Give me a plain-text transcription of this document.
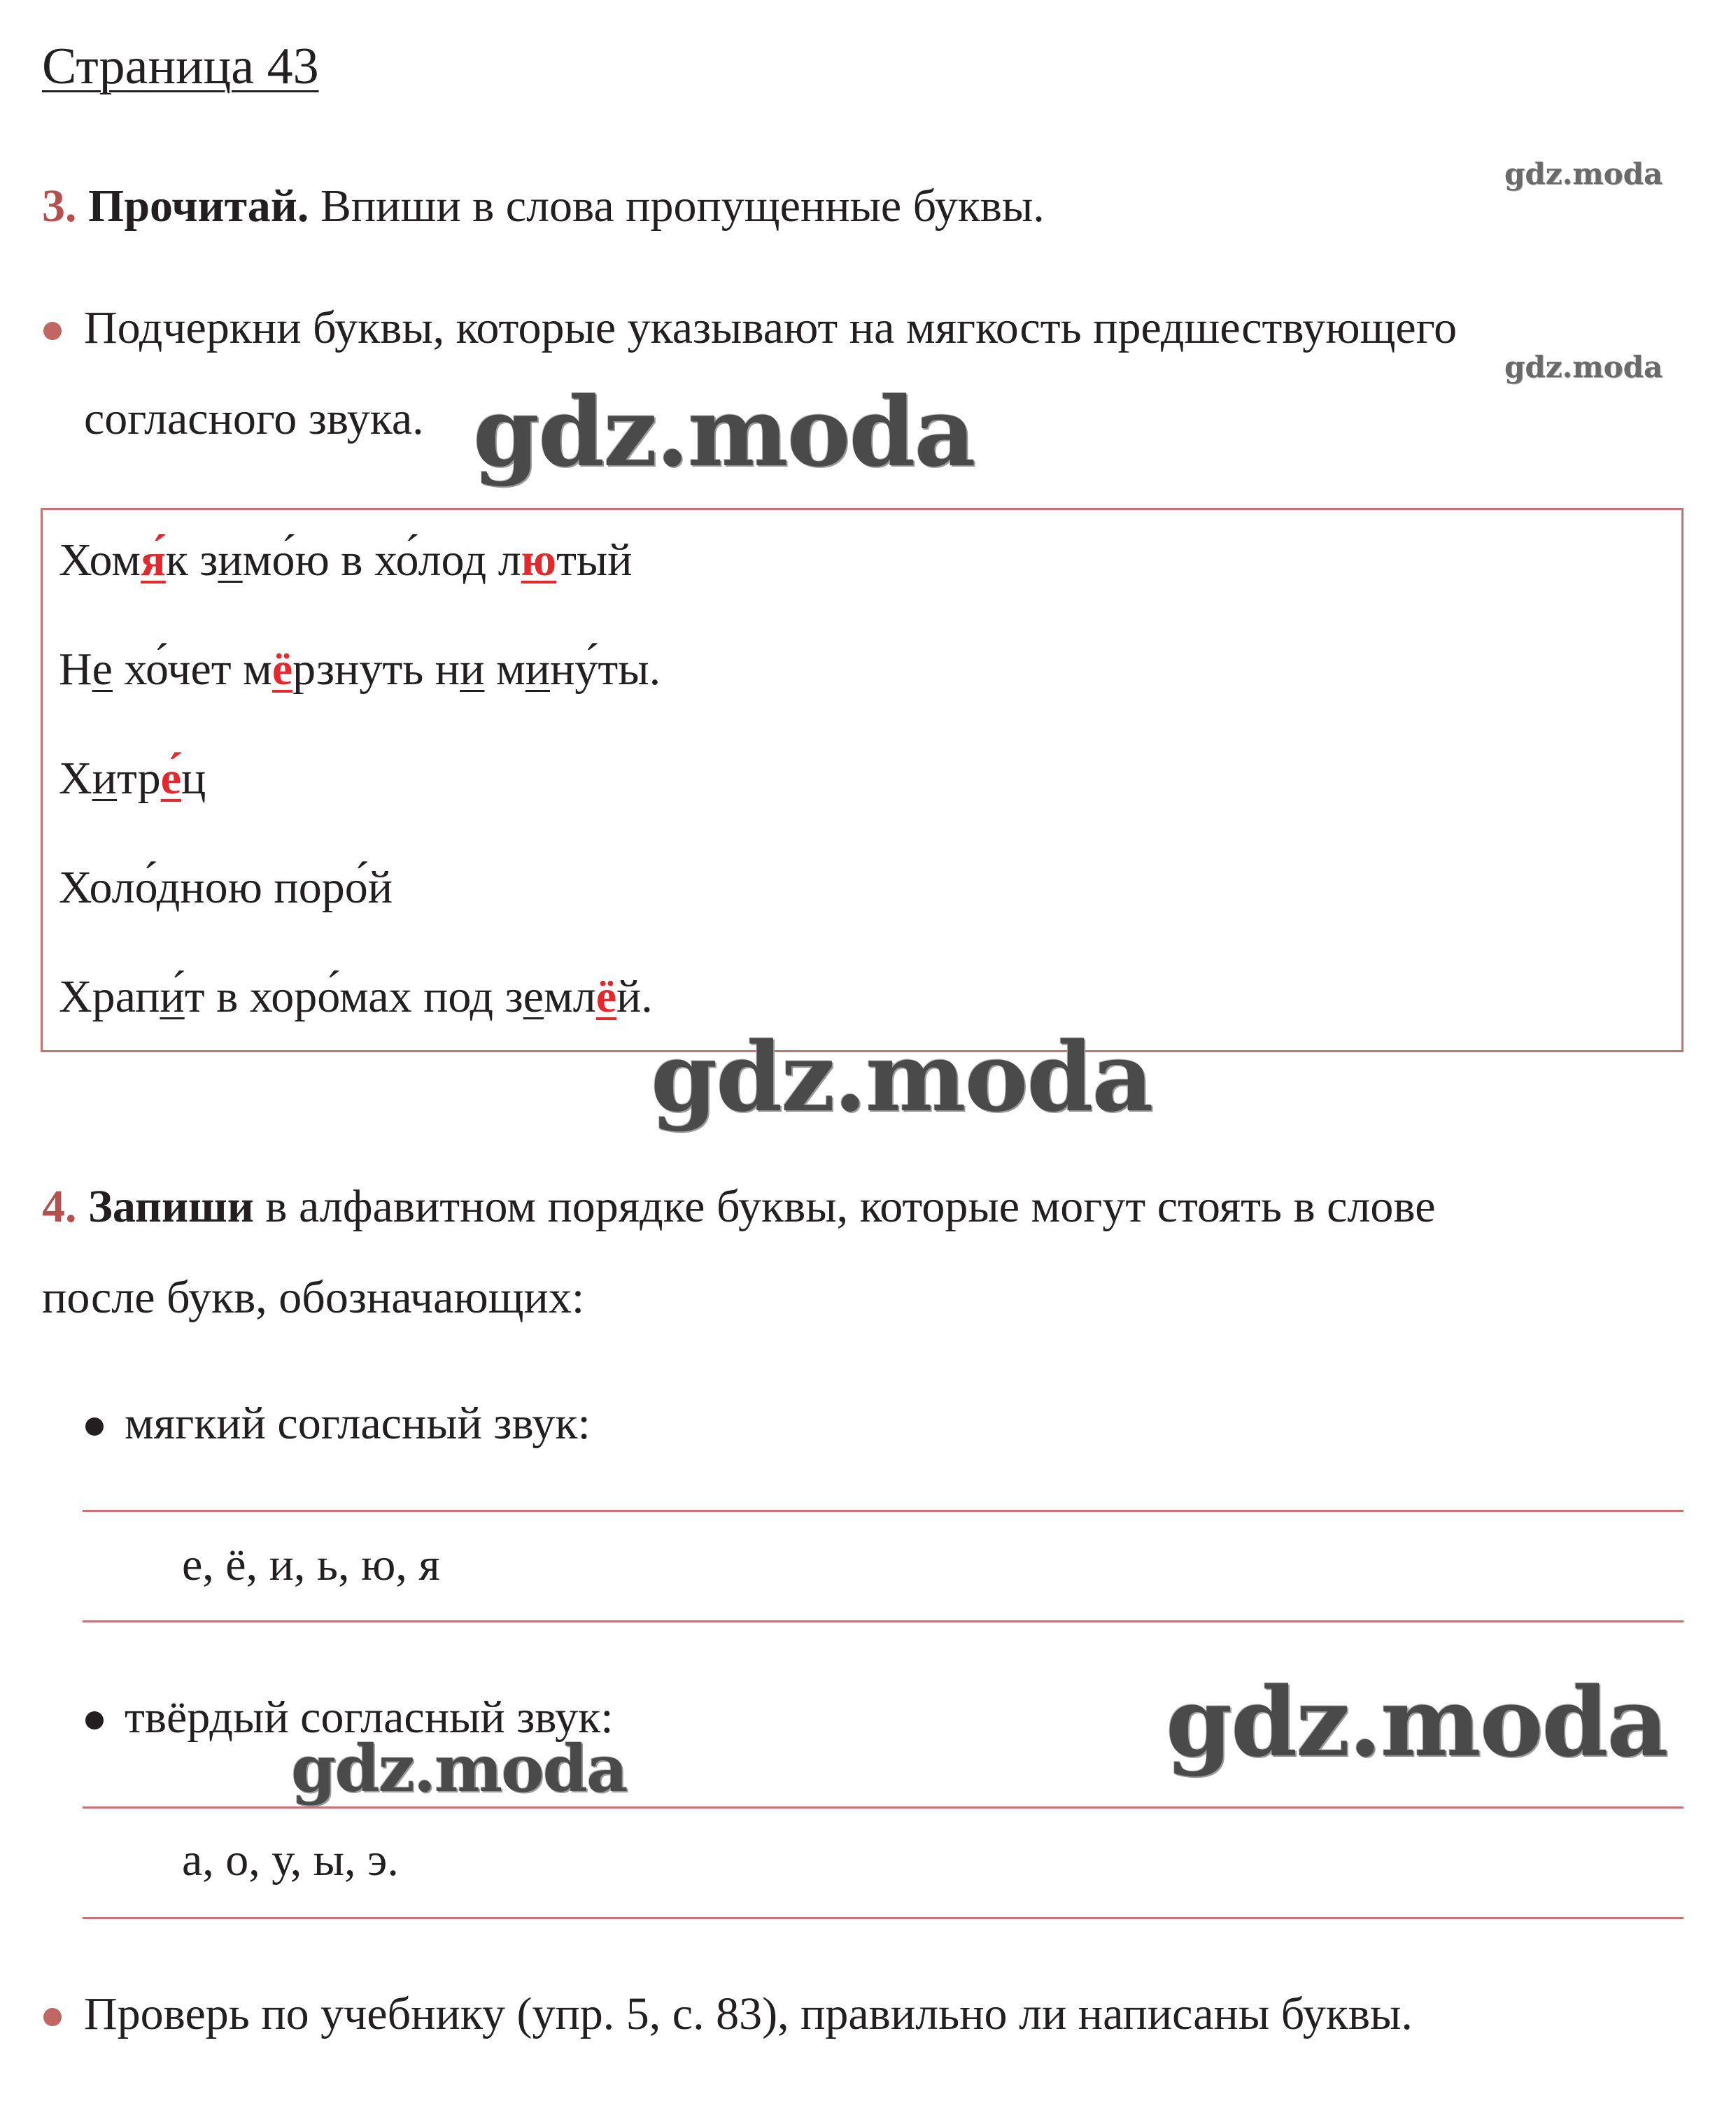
Страница 43
3. Прочитай. Впиши в слова пропущенные буквы.
Подчеркни буквы, которые указывают на мягкость предшествующего
согласного звука.
Хомя́к зимо́ю в хо́лод лютый
Не хо́чет мёрзнуть ни мину́ты.
Хитре́ц
Холо́дною поро́й
Храпи́т в хоро́мах под землёй.
4. Запиши в алфавитном порядке буквы, которые могут стоять в слове
после букв, обозначающих:
мягкий согласный звук:
е, ё, и, ь, ю, я
твёрдый согласный звук:
а, о, у, ы, э.
Проверь по учебнику (упр. 5, с. 83), правильно ли написаны буквы.
gdz.moda
gdz.moda
gdz.moda
gdz.moda
gdz.moda
gdz.moda
